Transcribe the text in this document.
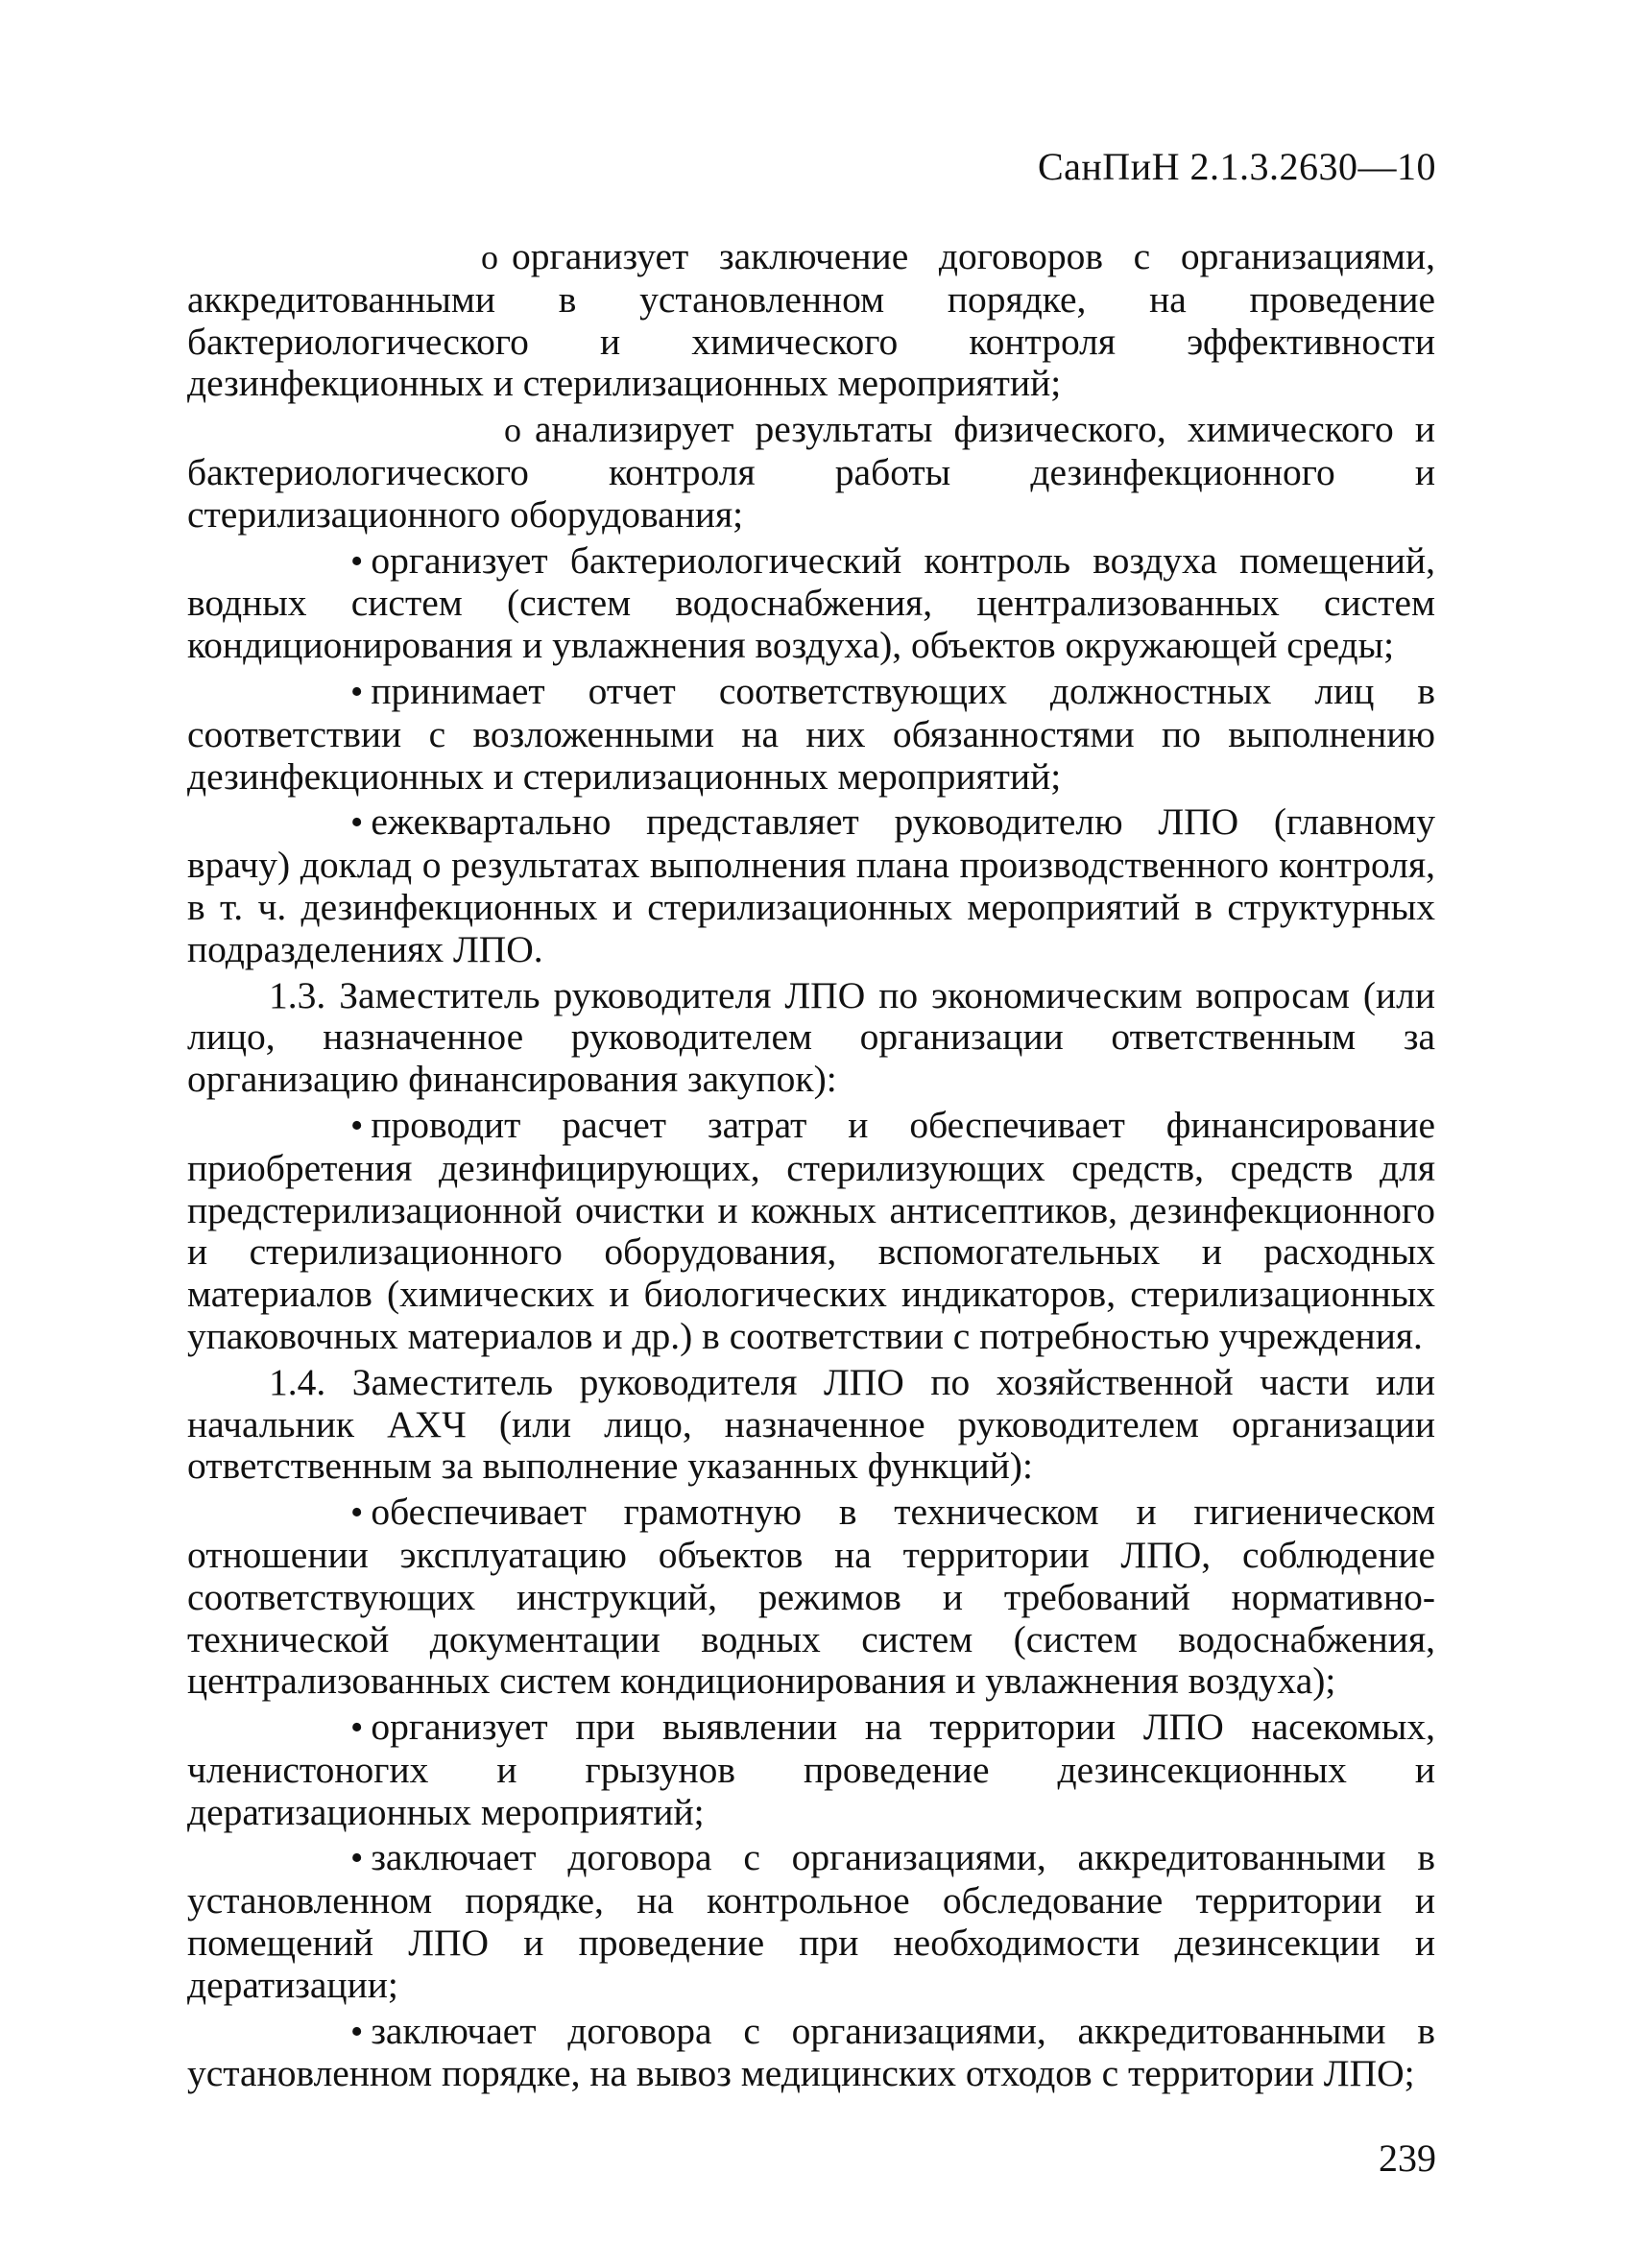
СанПиН 2.1.3.2630—10

o организует заключение договоров с организациями, аккредитованными в установленном порядке, на проведение бактериологического и химического контроля эффективности дезинфекционных и стерилизационных мероприятий;

o анализирует результаты физического, химического и бактериологического контроля работы дезинфекционного и стерилизационного оборудования;

• организует бактериологический контроль воздуха помещений, водных систем (систем водоснабжения, централизованных систем кондиционирования и увлажнения воздуха), объектов окружающей среды;

• принимает отчет соответствующих должностных лиц в соответствии с возложенными на них обязанностями по выполнению дезинфекционных и стерилизационных мероприятий;

• ежеквартально представляет руководителю ЛПО (главному врачу) доклад о результатах выполнения плана производственного контроля, в т. ч. дезинфекционных и стерилизационных мероприятий в структурных подразделениях ЛПО.

1.3. Заместитель руководителя ЛПО по экономическим вопросам (или лицо, назначенное руководителем организации ответственным за организацию финансирования закупок):

• проводит расчет затрат и обеспечивает финансирование приобретения дезинфицирующих, стерилизующих средств, средств для предстерилизационной очистки и кожных антисептиков, дезинфекционного и стерилизационного оборудования, вспомогательных и расходных материалов (химических и биологических индикаторов, стерилизационных упаковочных материалов и др.) в соответствии с потребностью учреждения.

1.4. Заместитель руководителя ЛПО по хозяйственной части или начальник АХЧ (или лицо, назначенное руководителем организации ответственным за выполнение указанных функций):

• обеспечивает грамотную в техническом и гигиеническом отношении эксплуатацию объектов на территории ЛПО, соблюдение соответствующих инструкций, режимов и требований нормативно-технической документации водных систем (систем водоснабжения, централизованных систем кондиционирования и увлажнения воздуха);

• организует при выявлении на территории ЛПО насекомых, членистоногих и грызунов проведение дезинсекционных и дератизационных мероприятий;

• заключает договора с организациями, аккредитованными в установленном порядке, на контрольное обследование территории и помещений ЛПО и проведение при необходимости дезинсекции и дератизации;

• заключает договора с организациями, аккредитованными в установленном порядке, на вывоз медицинских отходов с территории ЛПО;

239
